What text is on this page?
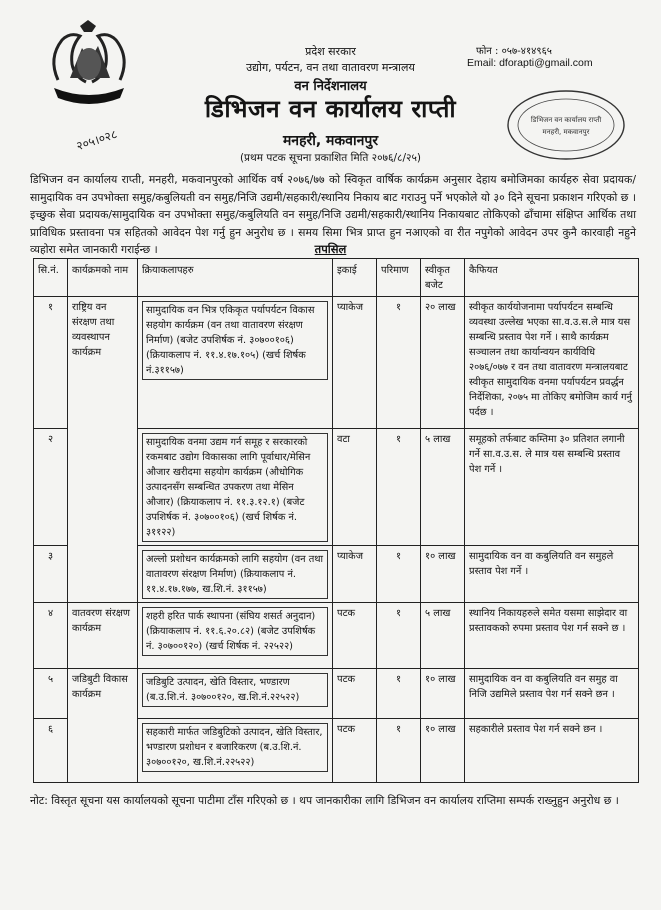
डिभिजन वन कार्यालय राप्ती
मनहरी, मकवानपुर
प्रदेश सरकार
उद्योग, पर्यटन, वन तथा वातावरण मन्त्रालय
वन निर्देशनालय
डिभिजन वन कार्यालय राप्ती
मनहरी, मकवानपुर
(प्रथम पटक सूचना प्रकाशित मिति २०७६/८/२५)
फोन : ०५७-४१४९६५
Email: dforapti@gmail.com
२०५।०२८
डिभिजन वन कार्यालय राप्ती, मनहरी, मकवानपुरको आर्थिक वर्ष २०७६/७७ को स्विकृत वार्षिक कार्यक्रम अनुसार देहाय बमोजिमका कार्यहरु सेवा प्रदायक/सामुदायिक वन उपभोक्ता समुह/कबुलियती वन समुह/निजि उद्यमी/सहकारी/स्थानिय निकाय बाट गराउनु पर्ने भएकोले यो ३० दिने सूचना प्रकाशन गरिएको छ । इच्छुक सेवा प्रदायक/सामुदायिक वन उपभोक्ता समुह/कबुलियति वन समुह/निजि उद्यमी/सहकारी/स्थानिय निकायबाट तोकिएको ढाँचामा संक्षिप्त आर्थिक तथा प्राविधिक प्रस्तावना पत्र सहितको आवेदन पेश गर्नु हुन अनुरोध छ । समय सिमा भित्र प्राप्त हुन नआएको वा रीत नपुगेको आवेदन उपर कुनै कारवाही नहुने व्यहोरा समेत जानकारी गराईन्छ ।	तपसिल
सि.नं.	कार्यक्रमको नाम	क्रियाकलापहरु	इकाई	परिमाण	स्वीकृत बजेट	कैफियत
१	राष्ट्रिय वन संरक्षण तथा व्यवस्थापन कार्यक्रम	सामुदायिक वन भित्र एकिकृत पर्यापर्यटन विकास सहयोग कार्यक्रम (वन तथा वातावरण संरक्षण निर्माण) (बजेट उपशिर्षक नं. ३०७००१०६) (क्रियाकलाप नं. ११.४.१७.१०५) (खर्च शिर्षक नं.३११५७)	प्याकेज	१	२० लाख	स्वीकृत कार्ययोजनामा पर्यापर्यटन सम्बन्धि व्यवस्था उल्लेख भएका सा.व.उ.स.ले मात्र यस सम्बन्धि प्रस्ताव पेश गर्ने । साथै कार्यक्रम सञ्चालन तथा कार्यान्वयन कार्यविधि २०७६/०७७ र वन तथा वातावरण मन्त्रालयबाट स्वीकृत सामुदायिक वनमा पर्यापर्यटन प्रवर्द्धन निर्देशिका, २०७५ मा तोकिए बमोजिम कार्य गर्नु पर्दछ ।
२		सामुदायिक वनमा उद्यम गर्न समूह र सरकारको रकमबाट उद्योग विकासका लागि पूर्वाधार/मेसिन औजार खरीदमा सहयोग कार्यक्रम (औधोगिक उत्पादनसँग सम्बन्धित उपकरण तथा मेसिन औजार) (क्रियाकलाप नं. ११.३.१२.१) (बजेट उपशिर्षक नं. ३०७००१०६) (खर्च शिर्षक नं. ३११२२)	वटा	१	५ लाख	समूहको तर्फबाट कम्तिमा ३० प्रतिशत लगानी गर्ने सा.व.उ.स. ले मात्र यस सम्बन्धि प्रस्ताव पेश गर्ने ।
३		अल्लो प्रशोधन कार्यक्रमको लागि सहयोग (वन तथा वातावरण संरक्षण निर्माण) (क्रियाकलाप नं. ११.४.१७.१७७, ख.शि.नं. ३११५७)	प्याकेज	१	१० लाख	सामुदायिक वन वा कबुलियति वन समुहले प्रस्ताव पेश गर्ने ।
४	वातवरण संरक्षण कार्यक्रम	शहरी हरित पार्क स्थापना (संघिय शसर्त अनुदान) (क्रियाकलाप नं. ११.६.२०.८२) (बजेट उपशिर्षक नं. ३०७००१२०) (खर्च शिर्षक नं. २२५२२)	पटक	१	५ लाख	स्थानिय निकायहरुले समेत यसमा साझेदार वा प्रस्तावकको रुपमा प्रस्ताव पेश गर्न सक्ने छ ।
५	जडिबुटी विकास कार्यक्रम	जडिबुटि उत्पादन, खेति विस्तार, भण्डारण (ब.उ.शि.नं. ३०७००१२०, ख.शि.नं.२२५२२)	पटक	१	१० लाख	सामुदायिक वन वा कबुलियति वन समुह वा निजि उद्यमिले प्रस्ताव पेश गर्न सक्ने छन ।
६		सहकारी मार्फत जडिबुटिको उत्पादन, खेति विस्तार, भण्डारण प्रशोधन र बजारिकरण (ब.उ.शि.नं. ३०७००१२०, ख.शि.नं.२२५२२)	पटक	१	१० लाख	सहकारीले प्रस्ताव पेश गर्न सक्ने छन ।
नोट: विस्तृत सूचना यस कार्यालयको सूचना पाटीमा टाँस गरिएको छ । थप जानकारीका लागि डिभिजन वन कार्यालय राप्तिमा सम्पर्क राख्नुहुन अनुरोध छ ।
